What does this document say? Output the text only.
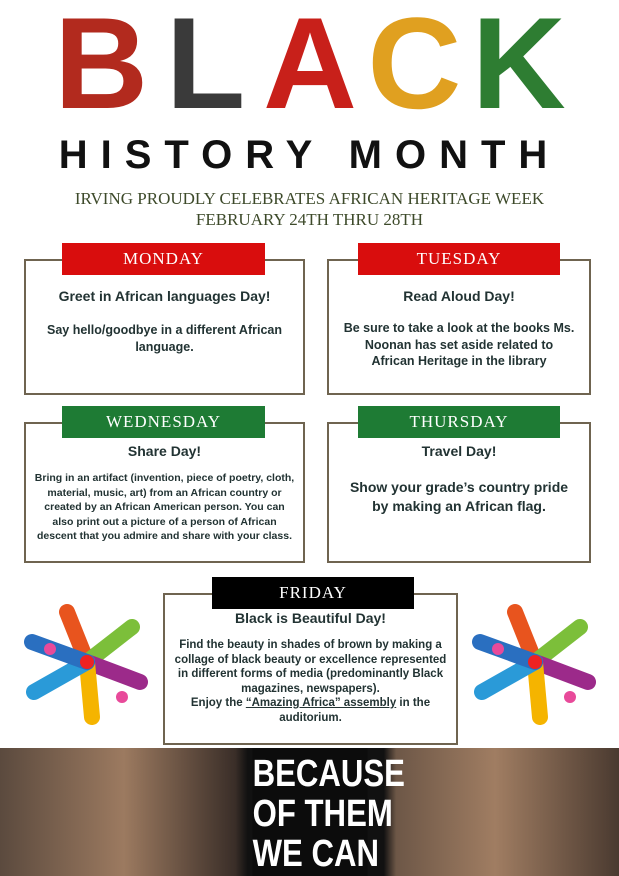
B L A C K
HISTORY MONTH
IRVING PROUDLY CELEBRATES AFRICAN HERITAGE WEEK
FEBRUARY 24TH THRU 28TH
Greet in African languages Day!
Say hello/goodbye in a different African language.
MONDAY
Read Aloud Day!
Be sure to take a look at the books Ms. Noonan has set aside related to African Heritage in the library
TUESDAY
Share Day!
Bring in an artifact (invention, piece of poetry, cloth, material, music, art) from an African country or created by an African American person. You can also print out a picture of a person of African descent that you admire and share with your class.
WEDNESDAY
Travel Day!
Show your grade’s country pride by making an African flag.
THURSDAY
Black is Beautiful Day!
Find the beauty in shades of brown by making a collage of black beauty or excellence represented in different forms of media (predominantly Black magazines, newspapers).
Enjoy the “Amazing Africa” assembly in the auditorium.
FRIDAY
BECAUSE
OF THEM
WE CAN
